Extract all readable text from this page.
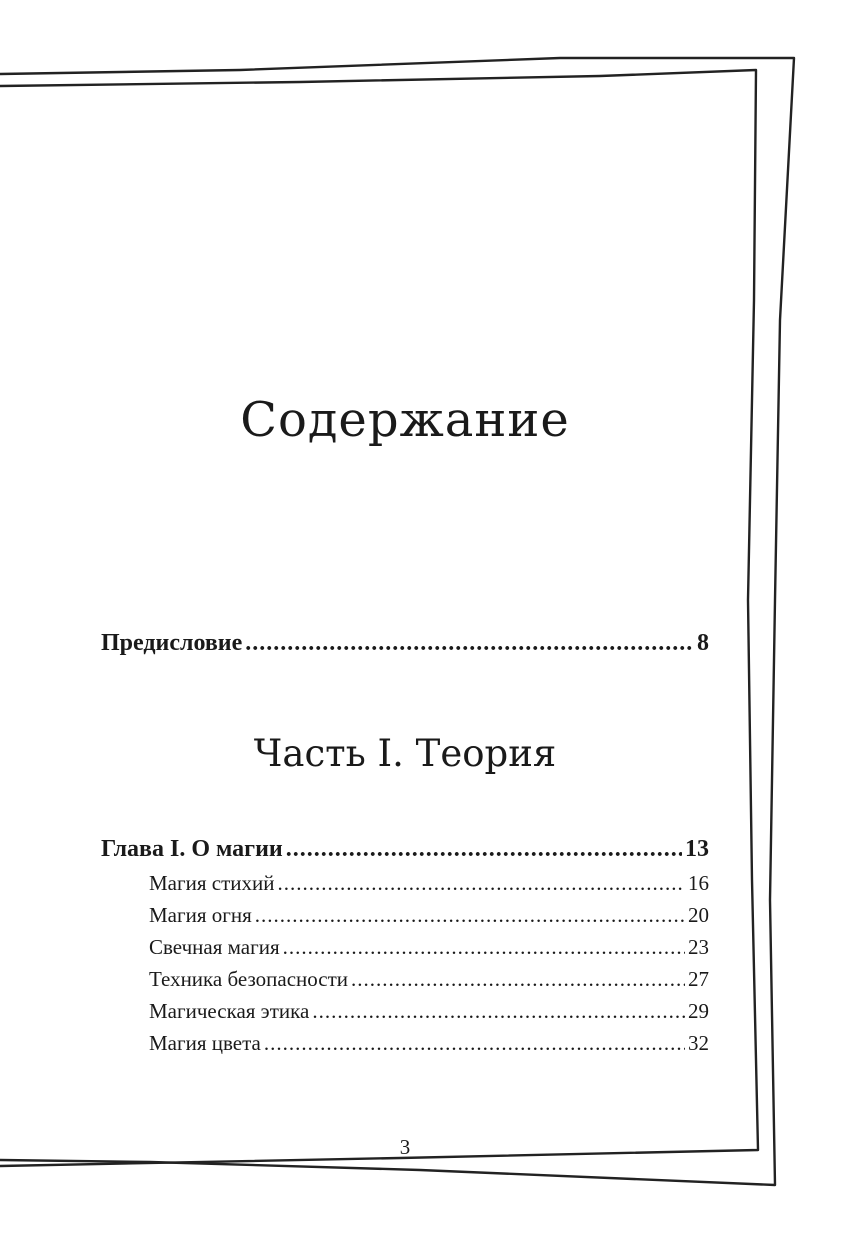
Содержание
Предисловие .....	8
Часть I. Теория
Глава I. О магии .....	13
Магия стихий .....	16
Магия огня .....	20
Свечная магия .....	23
Техника безопасности .....	27
Магическая этика .....	29
Магия цвета .....	32
3
